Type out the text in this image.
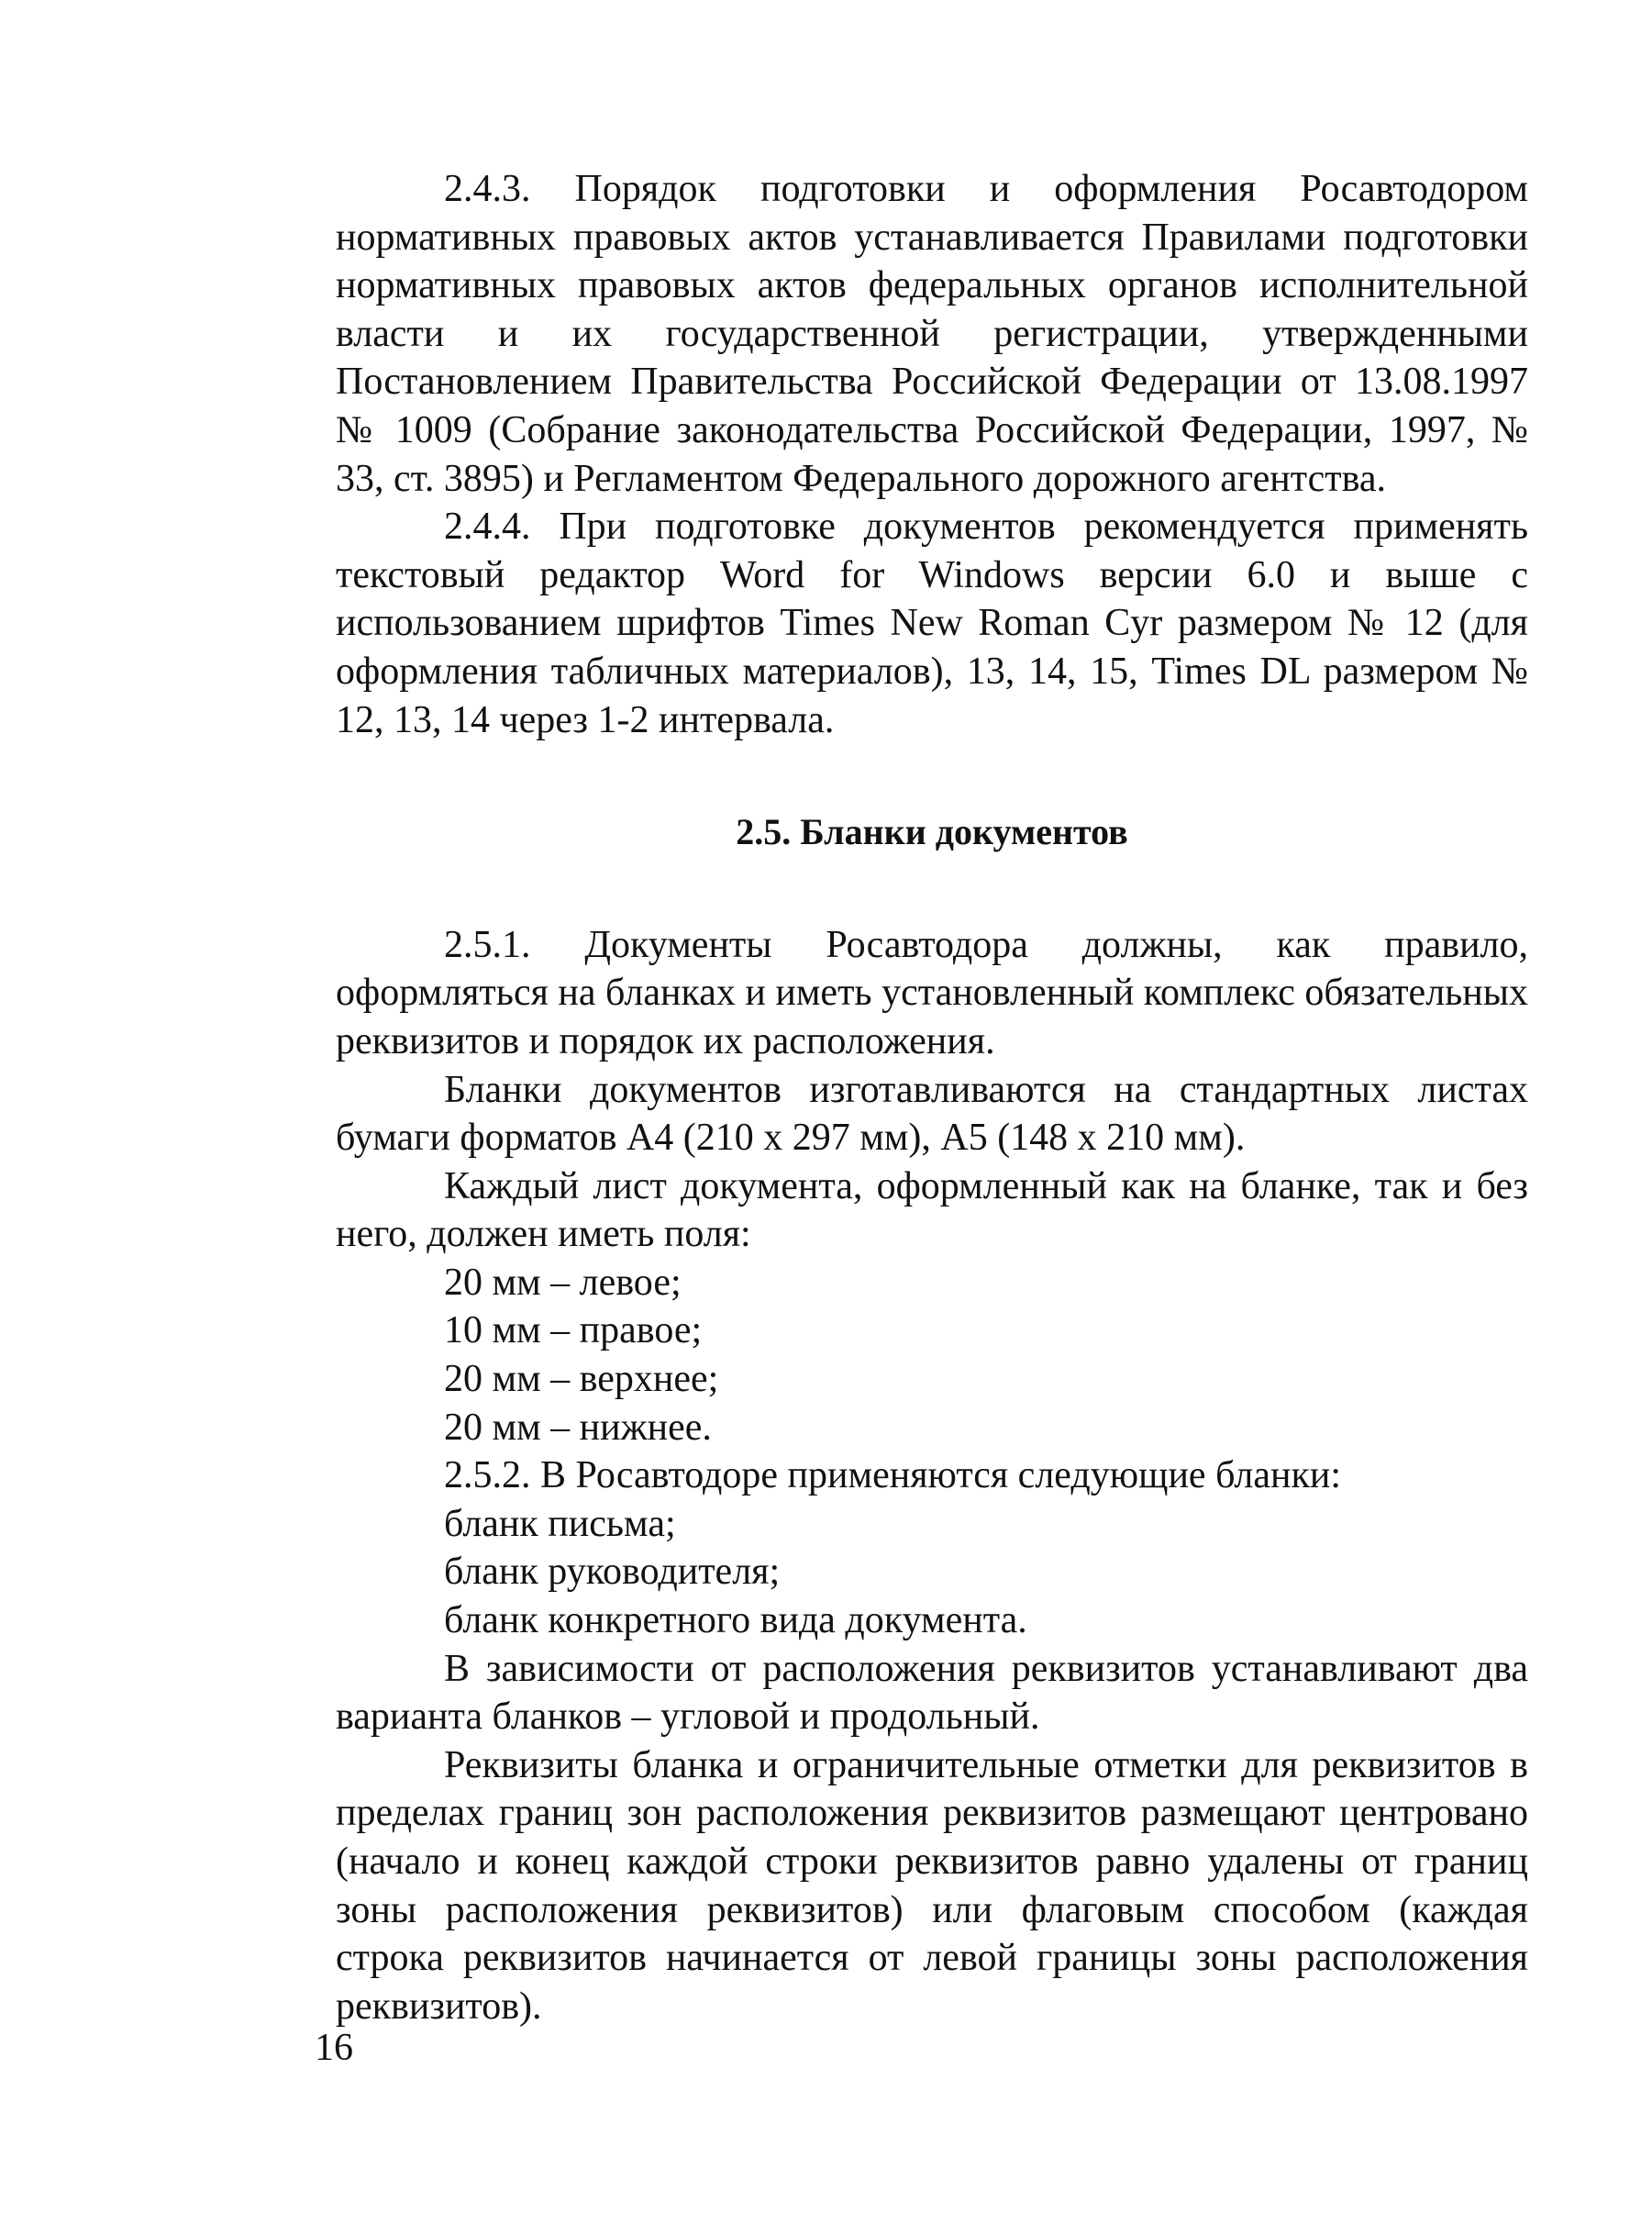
2.4.3. Порядок подготовки и оформления Росавтодором нормативных правовых актов устанавливается Правилами подготовки нормативных правовых актов федеральных органов исполнительной власти и их государственной регистрации, утвержденными Постановлением Правительства Российской Федерации от 13.08.1997 № 1009 (Собрание законодательства Российской Федерации, 1997, № 33, ст. 3895) и Регламентом Федерального дорожного агентства.

2.4.4. При подготовке документов рекомендуется применять текстовый редактор Word for Windows версии 6.0 и выше с использованием шрифтов Times New Roman Cyr размером № 12 (для оформления табличных материалов), 13, 14, 15, Times DL размером № 12, 13, 14 через 1-2 интервала.

2.5. Бланки документов

2.5.1. Документы Росавтодора должны, как правило, оформляться на бланках и иметь установленный комплекс обязательных реквизитов и порядок их расположения.

Бланки документов изготавливаются на стандартных листах бумаги форматов А4 (210 х 297 мм), А5 (148 х 210 мм).

Каждый лист документа, оформленный как на бланке, так и без него, должен иметь поля:

20 мм – левое;

10 мм – правое;

20 мм – верхнее;

20 мм – нижнее.

2.5.2. В Росавтодоре применяются следующие бланки:

бланк письма;

бланк руководителя;

бланк конкретного вида документа.

В зависимости от расположения реквизитов устанавливают два варианта бланков – угловой и продольный.

Реквизиты бланка и ограничительные отметки для реквизитов в пределах границ зон расположения реквизитов размещают центровано (начало и конец каждой строки реквизитов равно удалены от границ зоны расположения реквизитов) или флаговым способом (каждая строка реквизитов начинается от левой границы зоны расположения реквизитов).

16
